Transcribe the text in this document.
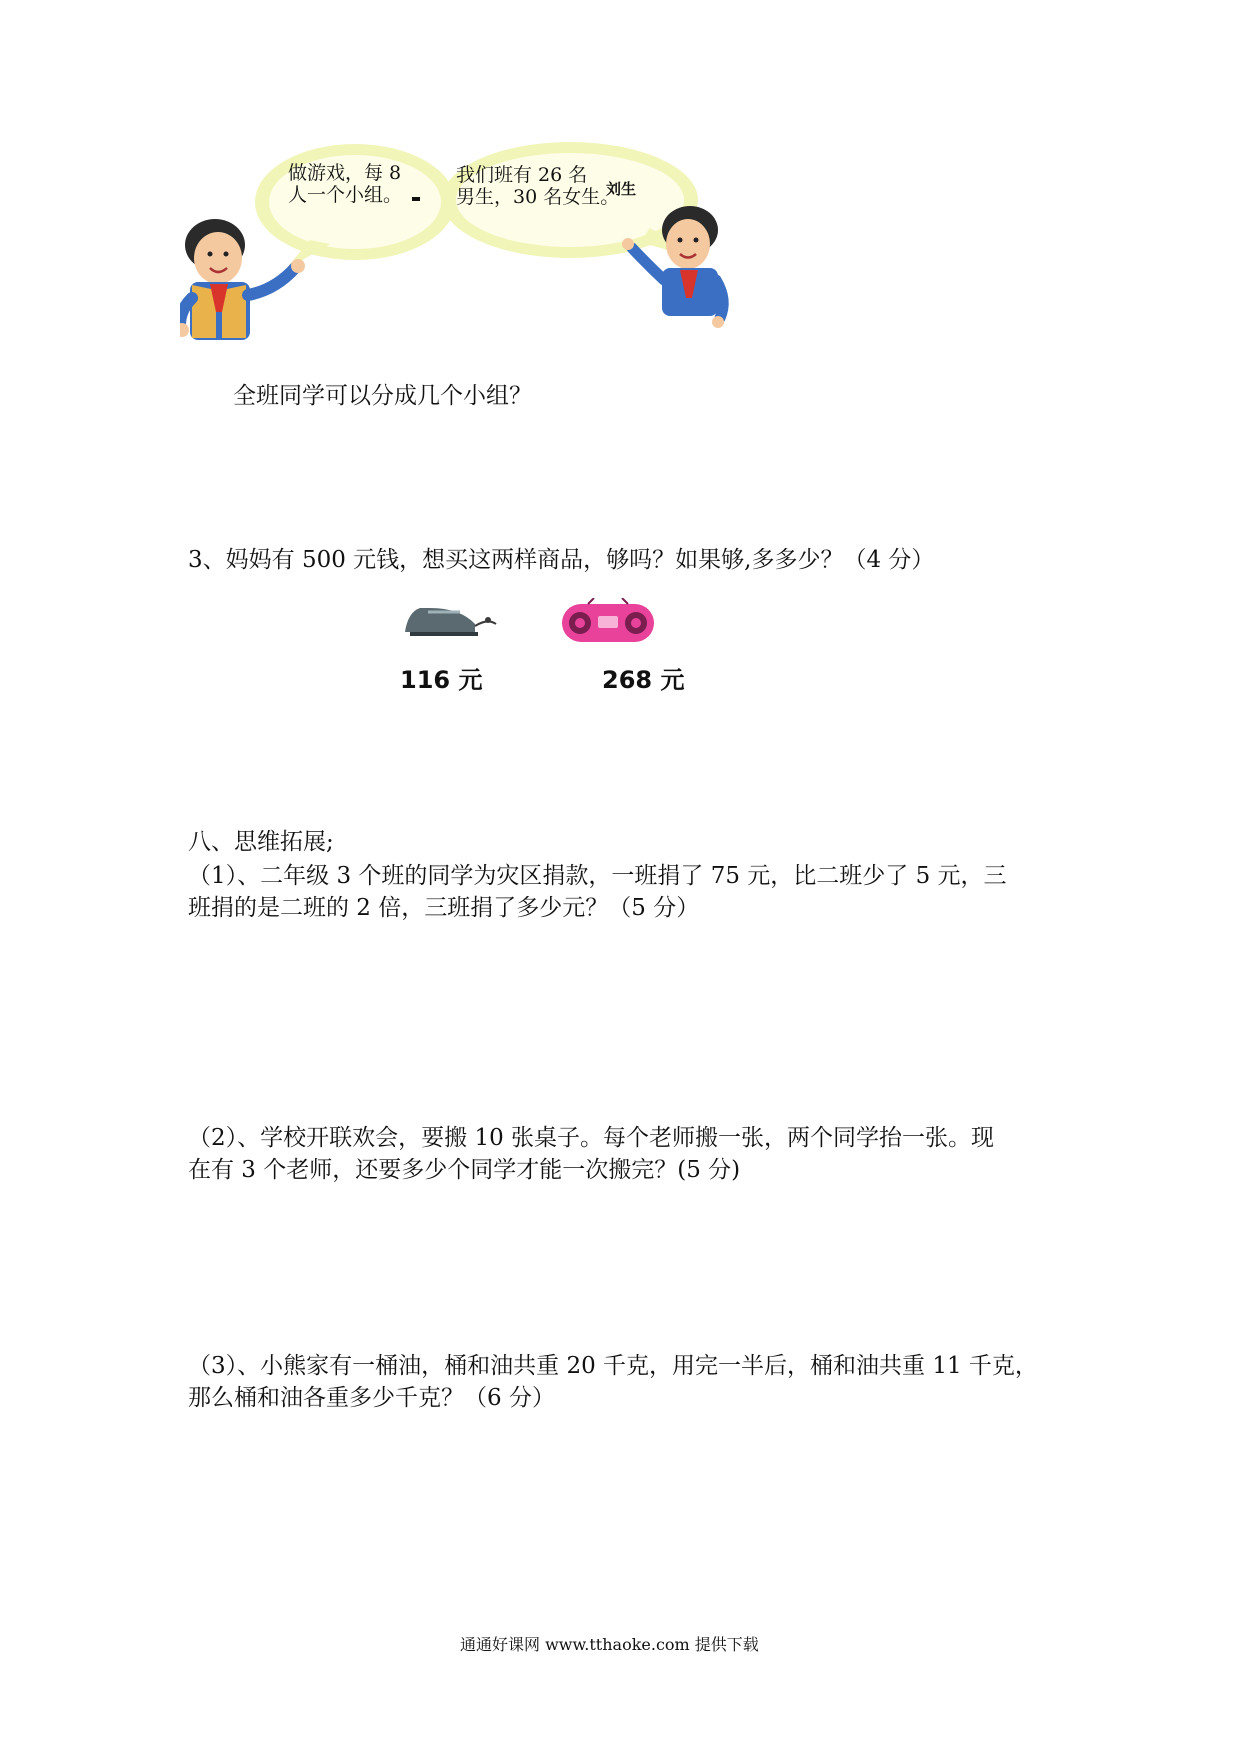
做游戏，每 8
人一个小组。
我们班有 26 名
男生，30 名女生。
刘生
全班同学可以分成几个小组？
3、妈妈有 500 元钱，想买这两样商品，够吗？如果够,多多少？（4 分）
116 元	268 元
八、思维拓展;
（1）、二年级 3 个班的同学为灾区捐款，一班捐了 75 元，比二班少了 5 元，三
班捐的是二班的 2 倍，三班捐了多少元？（5 分）
（2）、学校开联欢会，要搬 10 张桌子。每个老师搬一张，两个同学抬一张。现
在有 3 个老师，还要多少个同学才能一次搬完？(5 分)
（3）、小熊家有一桶油，桶和油共重 20 千克，用完一半后，桶和油共重 11 千克，
那么桶和油各重多少千克？（6 分）
通通好课网 www.tthaoke.com 提供下载
